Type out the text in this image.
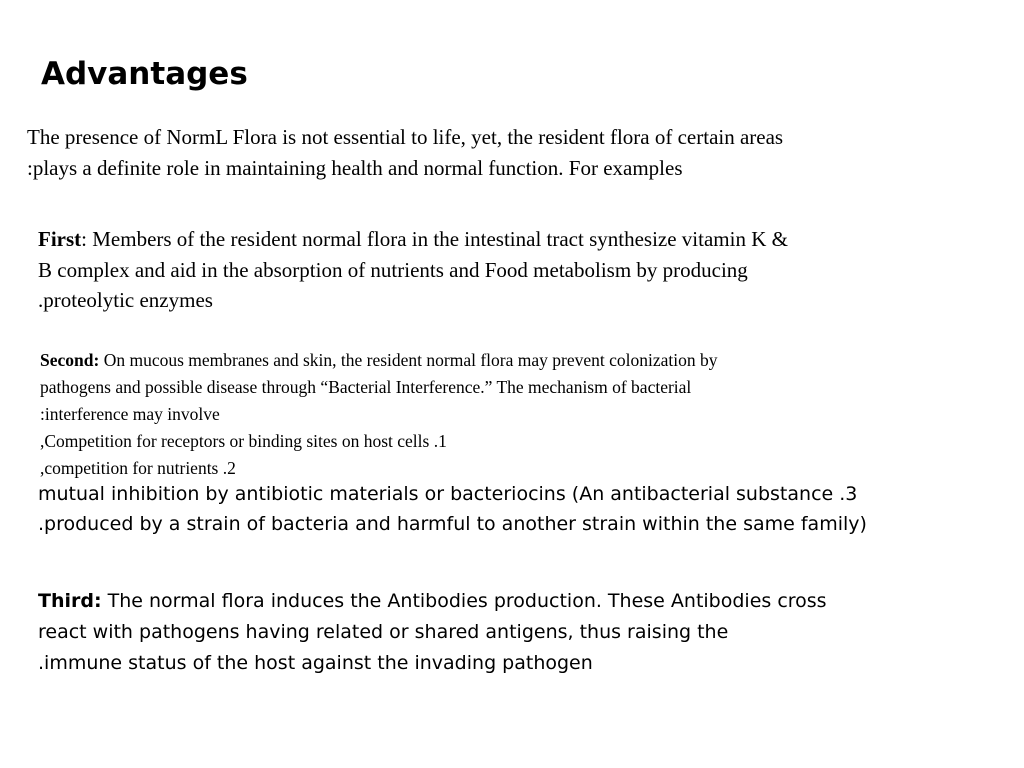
Advantages
The presence of NormL Flora is not essential to life, yet, the resident flora of certain areas
:plays a definite role in maintaining health and normal function. For examples
First: Members of the resident normal flora in the intestinal tract synthesize vitamin K &
B complex and aid in the absorption of nutrients and Food metabolism by producing
.proteolytic enzymes
Second: On mucous membranes and skin, the resident normal flora may prevent colonization by
pathogens and possible disease through “Bacterial Interference.” The mechanism of bacterial
:interference may involve
,Competition for receptors or binding sites on host cells .1
,competition for nutrients .2
mutual inhibition by antibiotic materials or bacteriocins (An antibacterial substance .3
.produced by a strain of bacteria and harmful to another strain within the same family)
Third: The normal flora induces the Antibodies production. These Antibodies cross
react with pathogens having related or shared antigens, thus raising the
.immune status of the host against the invading pathogen
